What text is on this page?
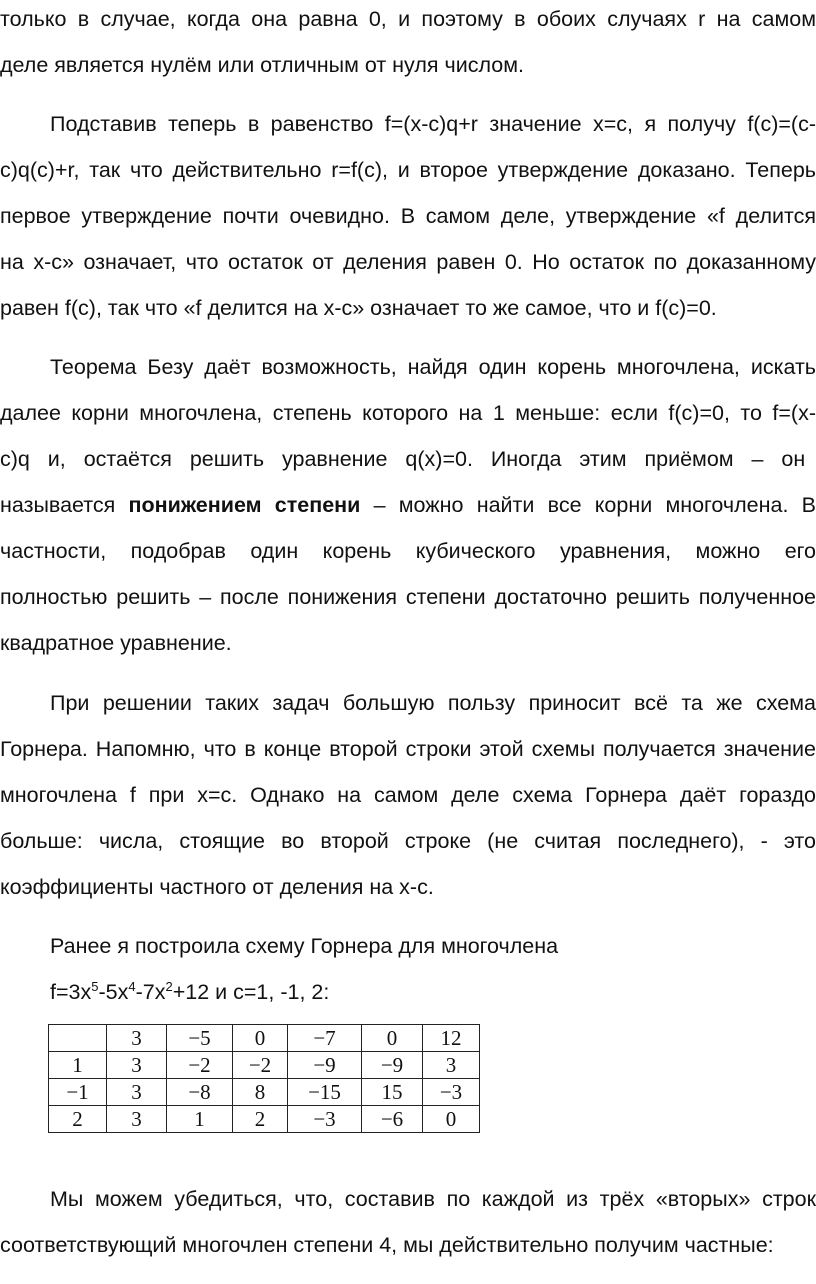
только в случае, когда она равна 0, и поэтому в обоих случаях r на самом
деле является нулём или отличным от нуля числом.
Подставив теперь в равенство f=(x-c)q+r значение x=c, я получу f(c)=(c-
c)q(c)+r, так что действительно r=f(c), и второе утверждение доказано. Теперь
первое утверждение почти очевидно. В самом деле, утверждение «f делится
на x-c» означает, что остаток от деления равен 0. Но остаток по доказанному
равен f(c), так что «f делится на x-c» означает то же самое, что и f(c)=0.
Теорема Безу даёт возможность, найдя один корень многочлена, искать
далее корни многочлена, степень которого на 1 меньше: если f(c)=0, то f=(x-
c)q   и,   остаётся   решить   уравнение   q(x)=0.   Иногда   этим   приёмом   –   он
называется понижением степени – можно найти все корни многочлена. В
частности, подобрав один корень кубического уравнения, можно его
полностью решить – после понижения степени достаточно решить полученное
квадратное уравнение.
При решении таких задач большую пользу приносит всё та же схема
Горнера. Напомню, что в конце второй строки этой схемы получается значение
многочлена f при x=c. Однако на самом деле схема Горнера даёт гораздо
больше: числа, стоящие во второй строке (не считая последнего), - это
коэффициенты частного от деления на x-c.
Ранее я построила схему Горнера для многочлена
$f=3x^5-5x^4-7x^2+12$ и c=1, -1, 2:
Мы можем убедиться, что, составив по каждой из трёх «вторых» строк
соответствующий многочлен степени 4, мы действительно получим частные:
	3	−5	0	−7	0	12
1	3	−2	−2	−9	−9	3
−1	3	−8	8	−15	15	−3
2	3	1	2	−3	−6	0
